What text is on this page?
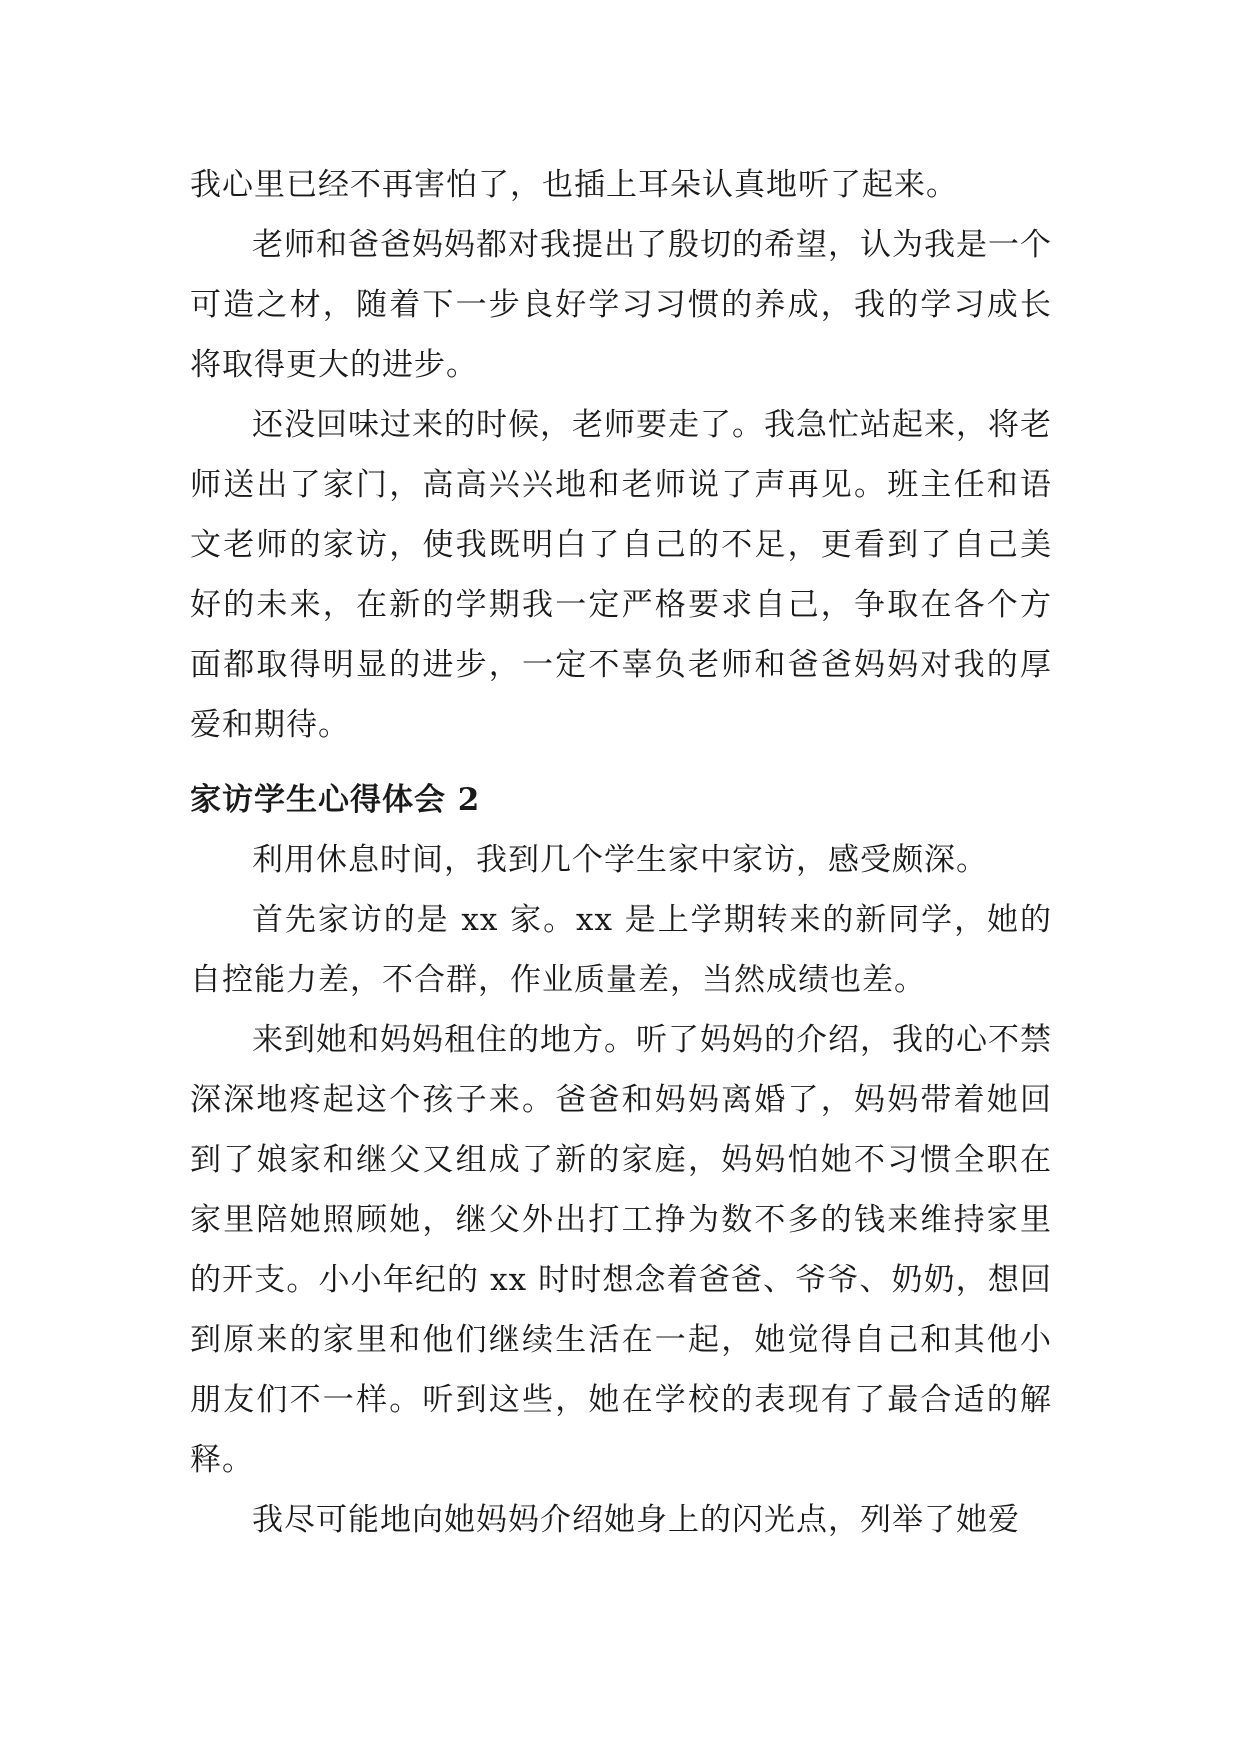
我心里已经不再害怕了，也插上耳朵认真地听了起来。

老师和爸爸妈妈都对我提出了殷切的希望，认为我是一个可造之材，随着下一步良好学习习惯的养成，我的学习成长将取得更大的进步。

还没回味过来的时候，老师要走了。我急忙站起来，将老师送出了家门，高高兴兴地和老师说了声再见。班主任和语文老师的家访，使我既明白了自己的不足，更看到了自己美好的未来，在新的学期我一定严格要求自己，争取在各个方面都取得明显的进步，一定不辜负老师和爸爸妈妈对我的厚爱和期待。

家访学生心得体会 2

利用休息时间，我到几个学生家中家访，感受颇深。

首先家访的是 xx 家。xx 是上学期转来的新同学，她的自控能力差，不合群，作业质量差，当然成绩也差。

来到她和妈妈租住的地方。听了妈妈的介绍，我的心不禁深深地疼起这个孩子来。爸爸和妈妈离婚了，妈妈带着她回到了娘家和继父又组成了新的家庭，妈妈怕她不习惯全职在家里陪她照顾她，继父外出打工挣为数不多的钱来维持家里的开支。小小年纪的 xx 时时想念着爸爸、爷爷、奶奶，想回到原来的家里和他们继续生活在一起，她觉得自己和其他小朋友们不一样。听到这些，她在学校的表现有了最合适的解释。

我尽可能地向她妈妈介绍她身上的闪光点，列举了她爱
